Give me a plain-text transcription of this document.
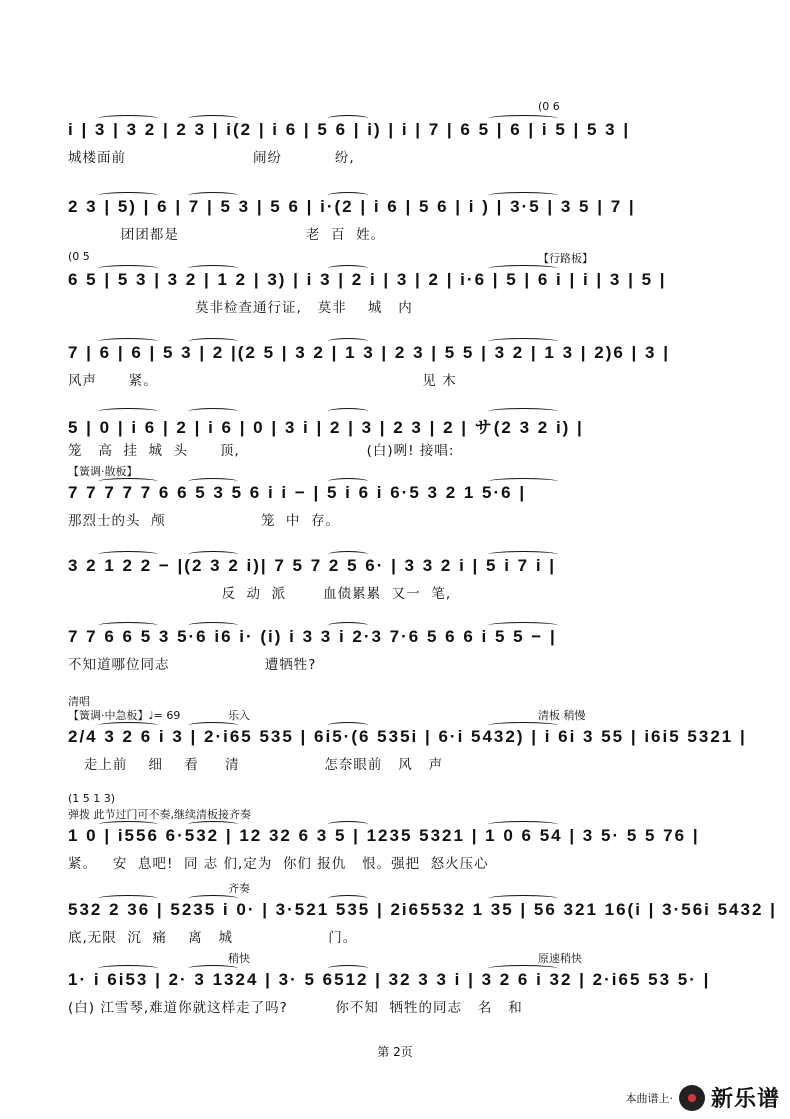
i | 3 | 3 2 | 2 3 | i(2 | i 6 | 5 6 | i) | i | 7 | 6 5 | 6 | i 5 | 5 3 |
城楼面前                        闹纷          纷,
(0 6
2 3 | 5) | 6 | 7 | 5 3 | 5 6 | i·(2 | i 6 | 5 6 | i ) | 3·5 | 3 5 | 7 |
团团都是                        老  百  姓。
6 5 | 5 3 | 3 2 | 1 2 | 3) | i 3 | 2 i | 3 | 2 | i·6 | 5 | 6 i | i | 3 | 5 |
莫非检查通行证,   莫非    城   内
(0 5	【行路板】
7 | 6 | 6 | 5 3 | 2 |(2 5 | 3 2 | 1 3 | 2 3 | 5 5 | 3 2 | 1 3 | 2)6 | 3 |
风声      紧。                                                  见 木
5 | 0 | i 6 | 2 | i 6 | 0 | 3 i | 2 | 3 | 2 3 | 2 | サ(2 3 2 i) |
笼   高  挂  城  头      顶,                        (白)咧! 接唱:
7 7 7 7 7 6 6 5 3 5 6 i i − | 5 i 6 i 6·5 3 2 1 5·6 |
那烈士的头  颅                  笼  中  存。
【簧调·散板】
3 2 1 2 2 − |(2 3 2 i)| 7 5 7 2 5 6· | 3 3 2 i | 5 i 7 i |
反  动  派       血债累累  又一  笔,
7 7 6 6 5 3 5·6 i6 i· (i) i 3 3 i 2·3 7·6 5 6 6 i 5 5 − |
不知道哪位同志                  遭牺牲?
2/4 3 2 6 i 3 | 2·i65 535 | 6i5·(6 535i | 6·i 5432) | i 6i 3 55 | i6i5 5321 |
走上前    细    看     清                怎奈眼前   风   声
【簧调·中急板】♩= 69
清唱
乐入	清板 稍慢
1 0 | i556 6·532 | 12 32 6 3 5 | 1235 5321 | 1 0 6 54 | 3 5· 5 5 76 |
紧。   安  息吧!  同 志 们,定为  你们 报仇   恨。强把  怒火压心
弹拨 此节过门可不奏,继续清板接齐奏
(1 5 1 3)
532 2 36 | 5235 i 0· | 3·521 535 | 2i65532 1 35 | 56 321 16(i | 3·56i 5432 |
底,无限  沉  痛    离   城                  门。
齐奏
1· i 6i53 | 2· 3 1324 | 3· 5 6512 | 32 3 3 i | 3 2 6 i 32 | 2·i65 53 5· |
(白) 江雪琴,难道你就这样走了吗?         你不知  牺牲的同志   名   和
稍快	原速稍快
第 2页
本曲谱上· 新乐谱
